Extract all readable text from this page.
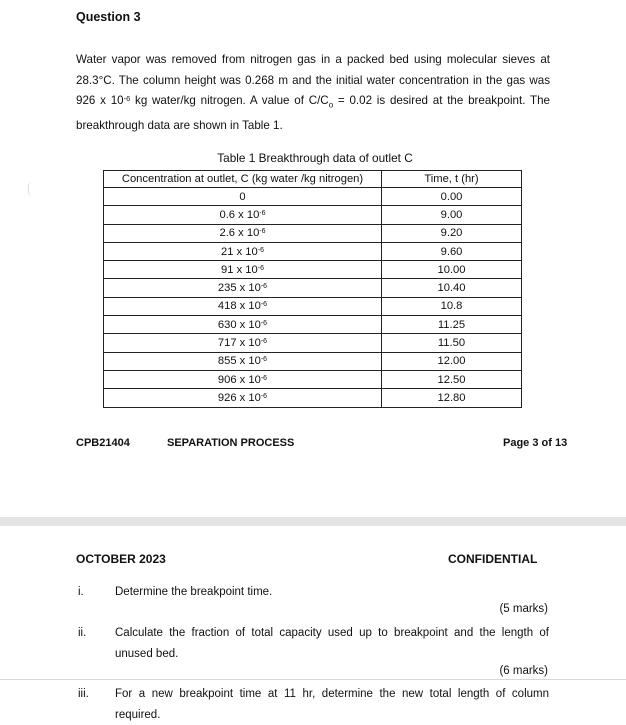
Question 3
Water vapor was removed from nitrogen gas in a packed bed using molecular sieves at 28.3°C. The column height was 0.268 m and the initial water concentration in the gas was 926 x $10^{-6}$ kg water/kg nitrogen. A value of $C/C_o = 0.02$ is desired at the breakpoint. The breakthrough data are shown in Table 1.
Table 1 Breakthrough data of outlet C
Concentration at outlet, C (kg water /kg nitrogen)	Time, t (hr)
0	0.00
0.6 x $10^{-6}$	9.00
2.6 x $10^{-6}$	9.20
21 x $10^{-6}$	9.60
91 x $10^{-6}$	10.00
235 x $10^{-6}$	10.40
418 x $10^{-6}$	10.8
630 x $10^{-6}$	11.25
717 x $10^{-6}$	11.50
855 x $10^{-6}$	12.00
906 x $10^{-6}$	12.50
926 x $10^{-6}$	12.80
CPB21404	SEPARATION PROCESS	Page 3 of 13
OCTOBER 2023	CONFIDENTIAL
i.	Determine the breakpoint time.
(5 marks)
ii. Calculate the fraction of total capacity used up to breakpoint and the length of unused bed.
(6 marks)
iii. For a new breakpoint time at 11 hr, determine the new total length of column required.
